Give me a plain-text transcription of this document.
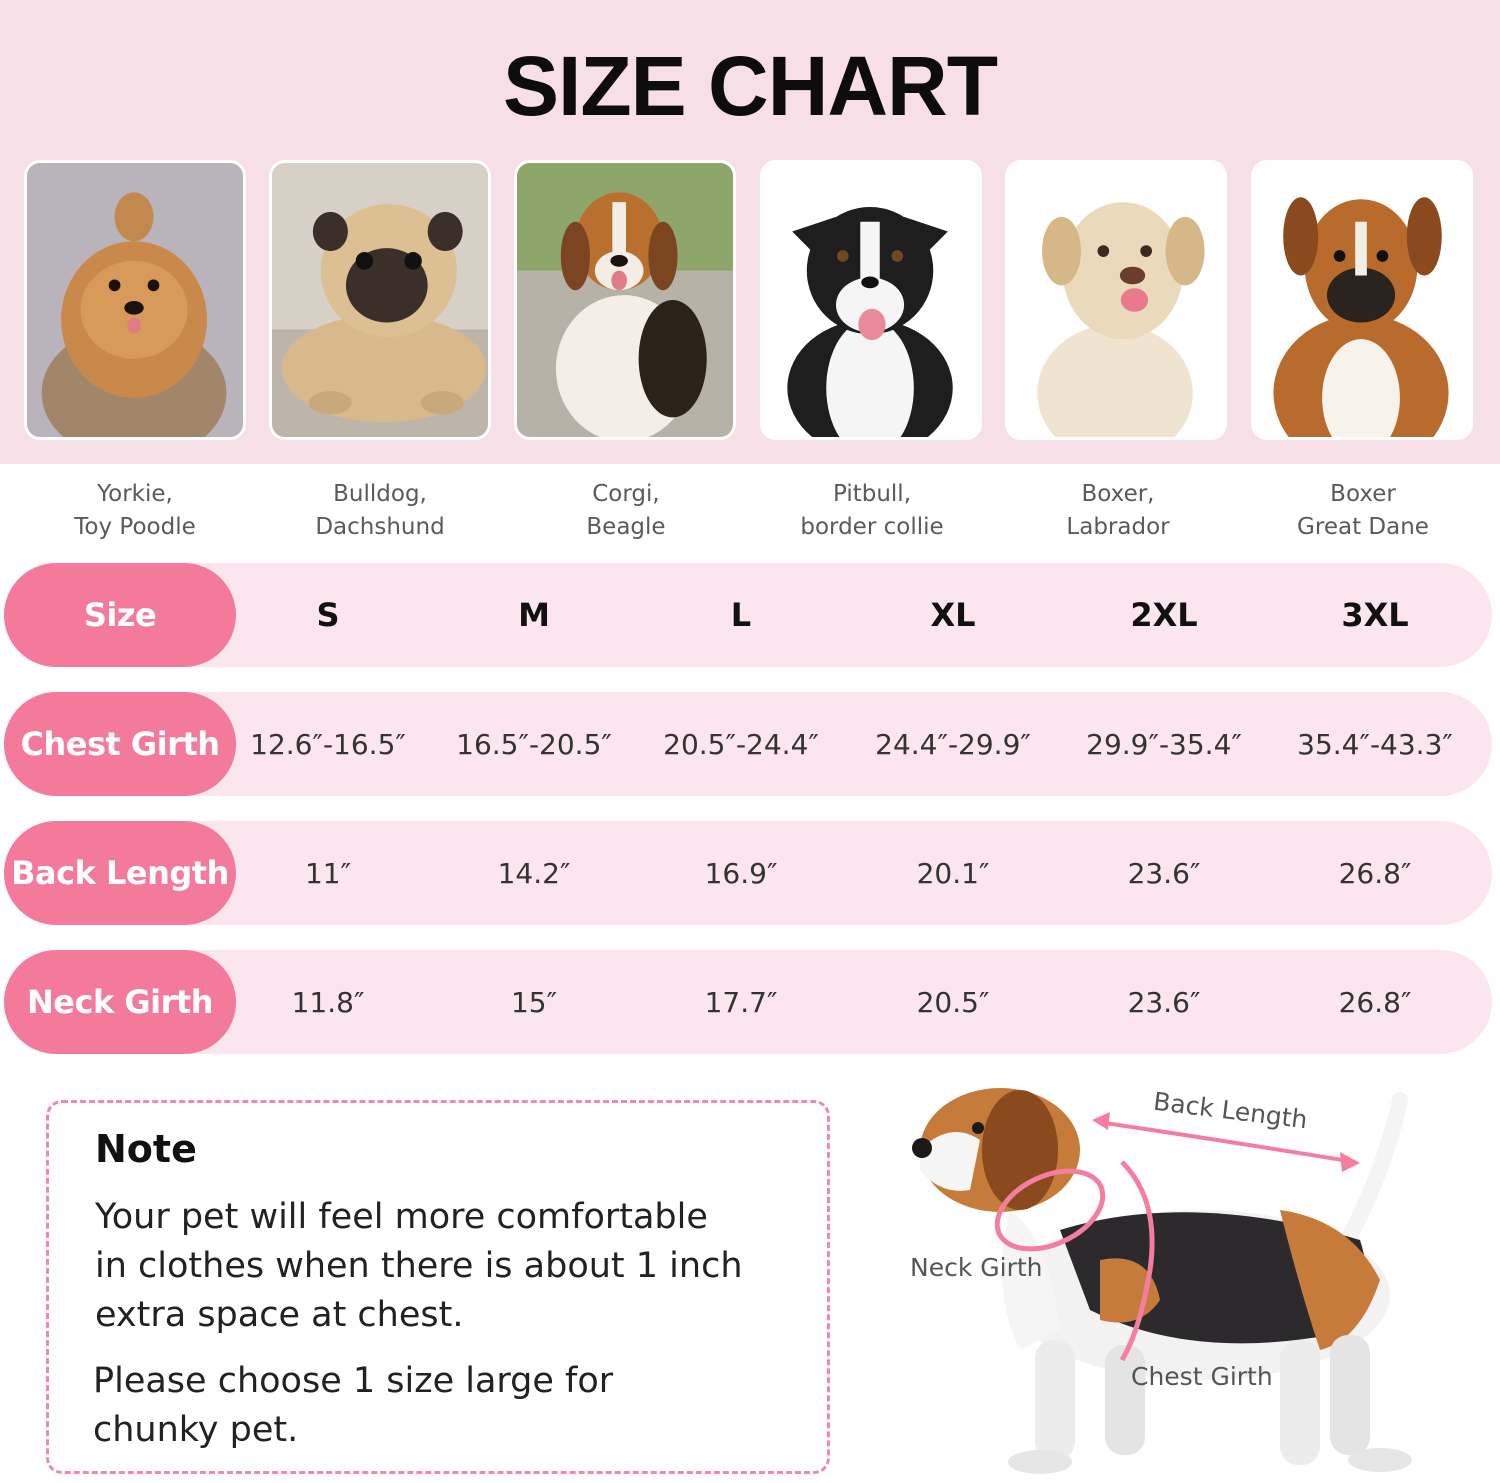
SIZE CHART
Yorkie,
Toy Poodle
Bulldog,
Dachshund
Corgi,
Beagle
Pitbull,
border collie
Boxer,
Labrador
Boxer
Great Dane
Size	S	M	L	XL	2XL	3XL
Chest Girth	12.6″-16.5″	16.5″-20.5″	20.5″-24.4″	24.4″-29.9″	29.9″-35.4″	35.4″-43.3″
Back Length	11″	14.2″	16.9″	20.1″	23.6″	26.8″
Neck Girth	11.8″	15″	17.7″	20.5″	23.6″	26.8″
Note
Your pet will feel more comfortable
in clothes when there is about 1 inch
extra space at chest.
Please choose 1 size large for
chunky pet.
Back Length
Neck Girth
Chest Girth
